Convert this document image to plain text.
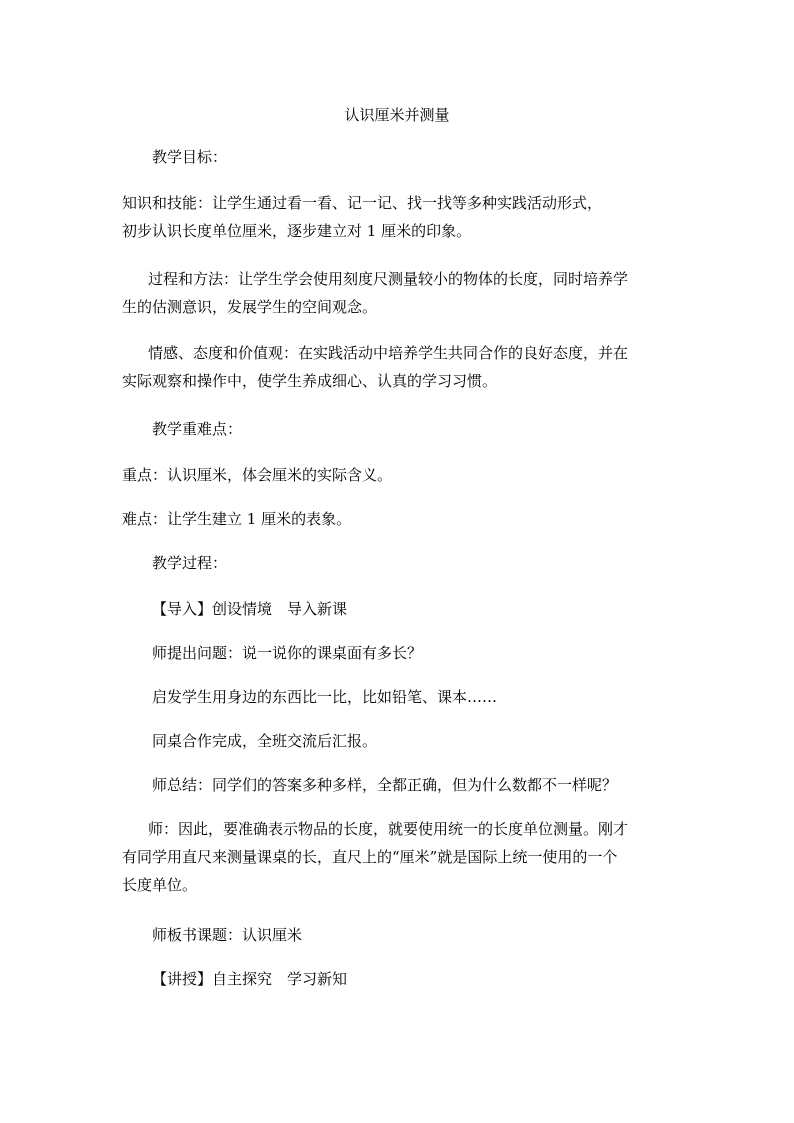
认识厘米并测量

教学目标：

知识和技能：让学生通过看一看、记一记、找一找等多种实践活动形式，
初步认识长度单位厘米，逐步建立对 1 厘米的印象。

过程和方法：让学生学会使用刻度尺测量较小的物体的长度，同时培养学
生的估测意识，发展学生的空间观念。

情感、态度和价值观：在实践活动中培养学生共同合作的良好态度，并在
实际观察和操作中，使学生养成细心、认真的学习习惯。

教学重难点：

重点：认识厘米，体会厘米的实际含义。

难点：让学生建立 1 厘米的表象。

教学过程：

【导入】创设情境　导入新课

师提出问题：说一说你的课桌面有多长？

启发学生用身边的东西比一比，比如铅笔、课本……

同桌合作完成，全班交流后汇报。

师总结：同学们的答案多种多样，全都正确，但为什么数都不一样呢？

师：因此，要准确表示物品的长度，就要使用统一的长度单位测量。刚才
有同学用直尺来测量课桌的长，直尺上的“厘米”就是国际上统一使用的一个
长度单位。

师板书课题：认识厘米

【讲授】自主探究　学习新知
